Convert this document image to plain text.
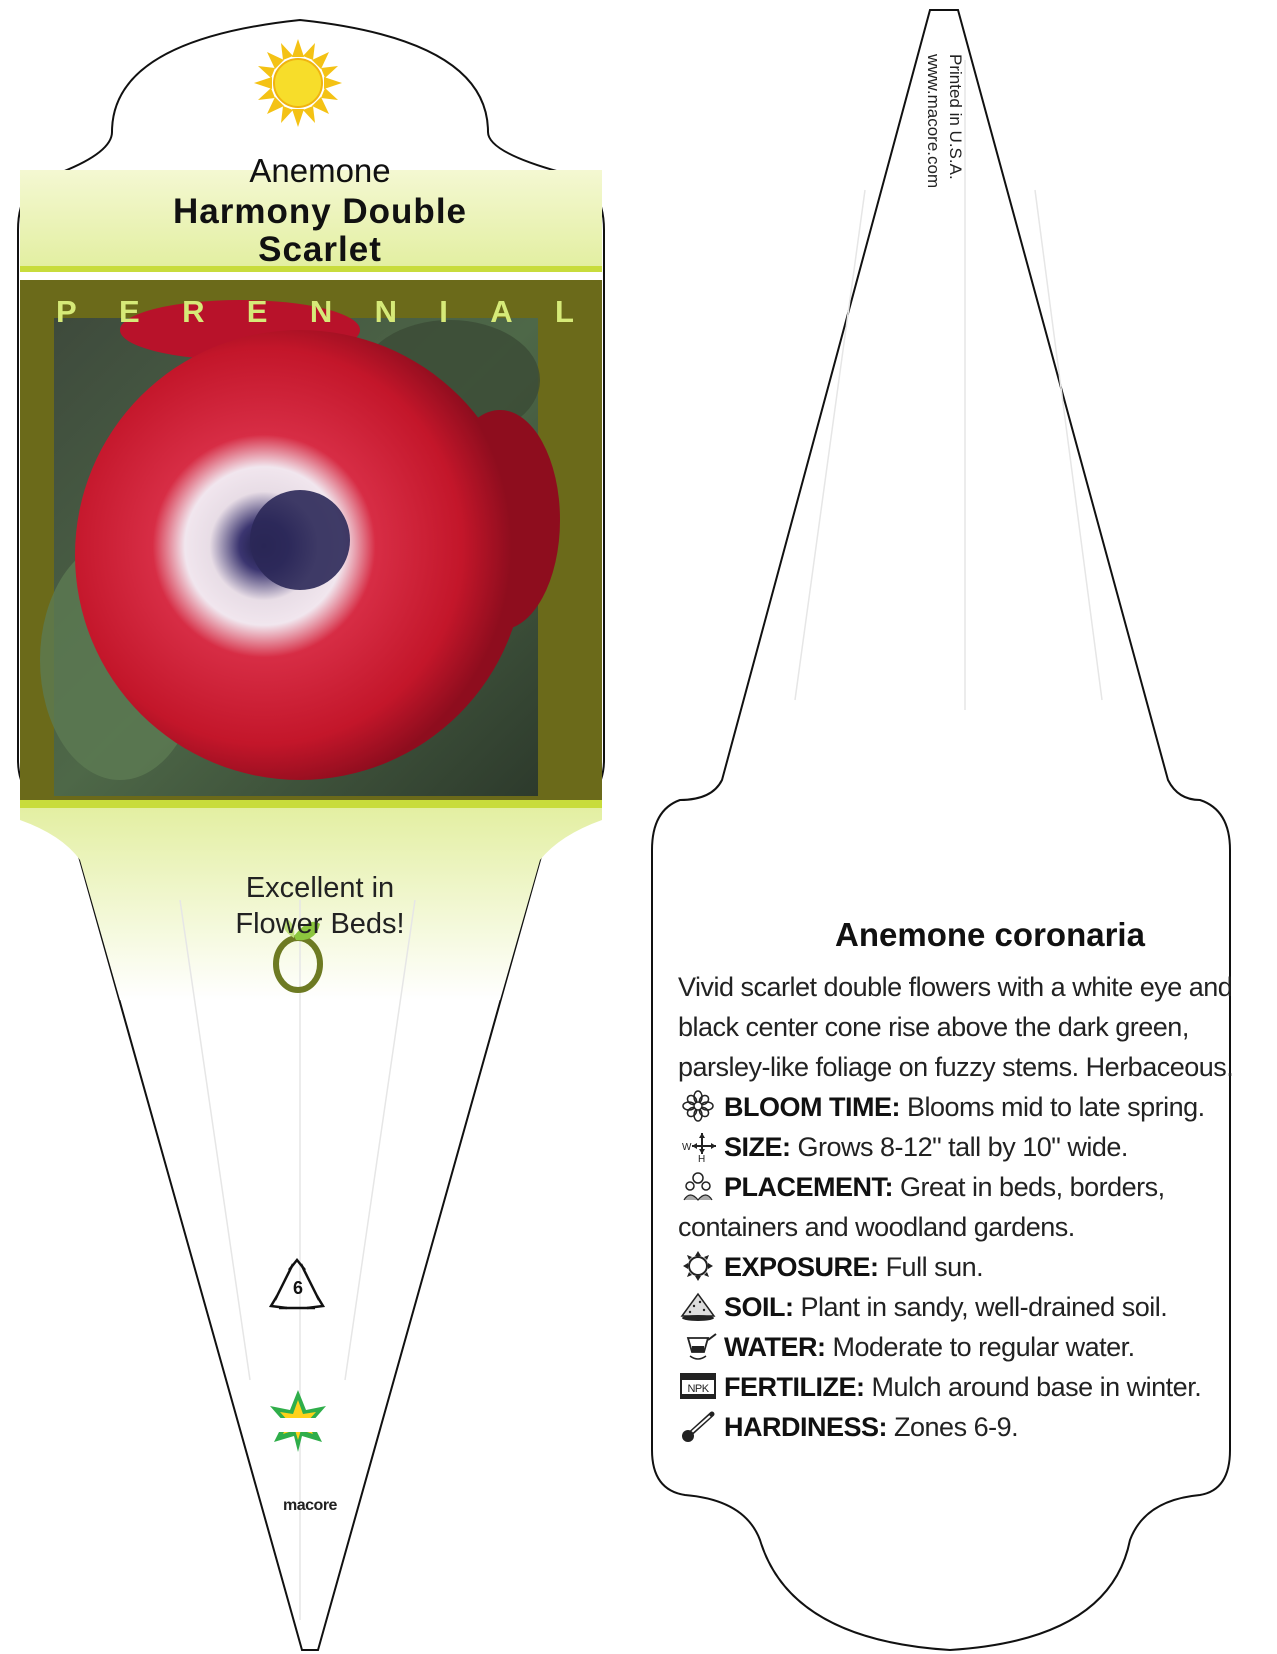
Anemone
Harmony Double
Scarlet
P E R E N N I A L
Excellent in
Flower Beds!
6
macore
Printed in U.S.A.
www.macore.com
Anemone coronaria
Vivid scarlet double flowers with a white eye and black center cone rise above the dark green, parsley-like foliage on fuzzy stems. Herbaceous.
BLOOM TIME: Blooms mid to late spring.
W
H SIZE: Grows 8-12" tall by 10" wide.
PLACEMENT: Great in beds, borders, containers and woodland gardens.
EXPOSURE: Full sun.
SOIL: Plant in sandy, well-drained soil.
WATER: Moderate to regular water.
NPK FERTILIZE: Mulch around base in winter.
HARDINESS: Zones 6-9.
